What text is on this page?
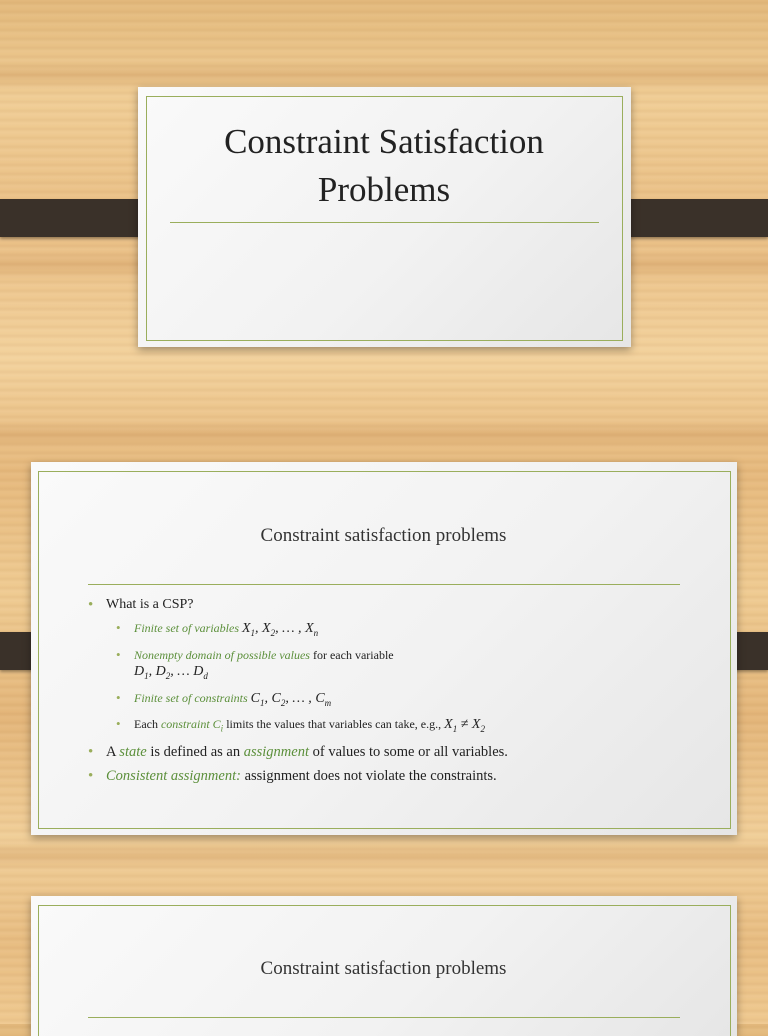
Constraint Satisfaction
Problems
Constraint satisfaction problems
• What is a CSP?
• Finite set of variables $X_1$, $X_2$, … , $X_n$
• Nonempty domain of possible values for each variable
$D_1$, $D_2$, … $D_d$
• Finite set of constraints $C_1$, $C_2$, … , $C_m$
• Each constraint $C_i$ limits the values that variables can take, e.g., $X_1 \ne X_2$
• A state is defined as an assignment of values to some or all variables.
• Consistent assignment: assignment does not violate the constraints.
Constraint satisfaction problems
